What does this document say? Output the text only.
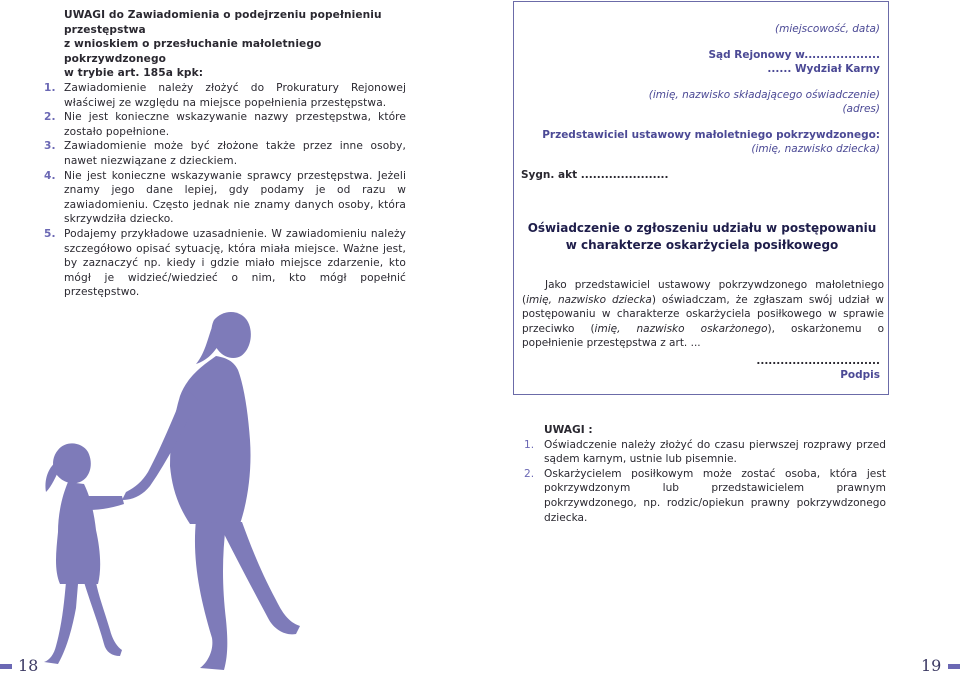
UWAGI do Zawiadomienia o podejrzeniu popełnieniu przestępstwa
z wnioskiem o przesłuchanie małoletniego pokrzywdzonego
w trybie art. 185a kpk:
1. Zawiadomienie należy złożyć do Prokuratury Rejonowej właściwej ze względu na miejsce popełnienia przestępstwa.
2. Nie jest konieczne wskazywanie nazwy przestępstwa, które zostało popełnione.
3. Zawiadomienie może być złożone także przez inne osoby, nawet niezwiązane z dzieckiem.
4. Nie jest konieczne wskazywanie sprawcy przestępstwa. Jeżeli znamy jego dane lepiej, gdy podamy je od razu w zawiadomieniu. Często jednak nie znamy danych osoby, która skrzywdziła dziecko.
5. Podajemy przykładowe uzasadnienie. W zawiadomieniu należy szczegółowo opisać sytuację, która miała miejsce. Ważne jest, by zaznaczyć np. kiedy i gdzie miało miejsce zdarzenie, kto mógł je widzieć/wiedzieć o nim, kto mógł popełnić przestępstwo.
18
(miejscowość, data)
Sąd Rejonowy w...................
...... Wydział Karny
(imię, nazwisko składającego oświadczenie)
(adres)
Przedstawiciel ustawowy małoletniego pokrzywdzonego:
(imię, nazwisko dziecka)
Sygn. akt ......................
Oświadczenie o zgłoszeniu udziału w postępowaniu
w charakterze oskarżyciela posiłkowego
Jako przedstawiciel ustawowy pokrzywdzonego małoletniego (imię, nazwisko dziecka) oświadczam, że zgłaszam swój udział w postępowaniu w charakterze oskarżyciela posiłkowego w sprawie przeciwko (imię, nazwisko oskarżonego), oskarżonemu o popełnienie przestępstwa z art. ...
...............................
Podpis
UWAGI :
1. Oświadczenie należy złożyć do czasu pierwszej rozprawy przed sądem karnym, ustnie lub pisemnie.
2. Oskarżycielem posiłkowym może zostać osoba, która jest pokrzywdzonym lub przedstawicielem prawnym pokrzywdzonego, np. rodzic/opiekun prawny pokrzywdzonego dziecka.
19
